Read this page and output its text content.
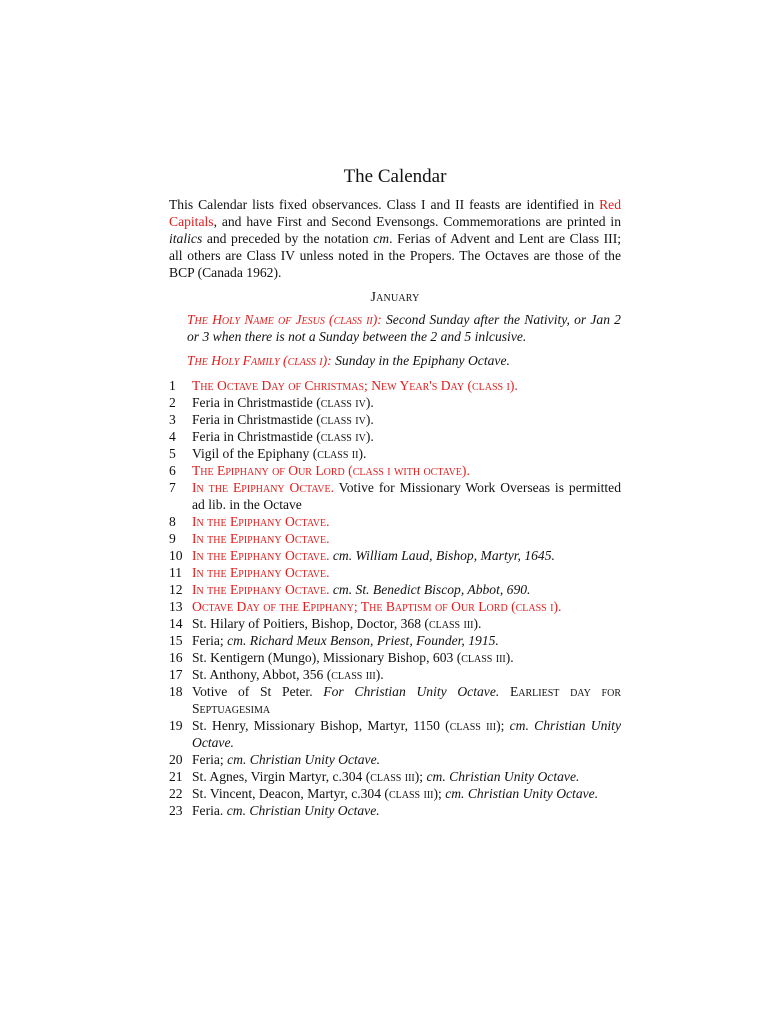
The Calendar
This Calendar lists fixed observances. Class I and II feasts are identified in Red Capitals, and have First and Second Evensongs. Commemorations are printed in italics and preceded by the notation cm. Ferias of Advent and Lent are Class III; all others are Class IV unless noted in the Propers. The Octaves are those of the BCP (Canada 1962).
January
The Holy Name of Jesus (class ii): Second Sunday after the Nativity, or Jan 2 or 3 when there is not a Sunday between the 2 and 5 inlcusive.
The Holy Family (class i): Sunday in the Epiphany Octave.
1	The Octave Day of Christmas; New Year's Day (class i).
2	Feria in Christmastide (class iv).
3	Feria in Christmastide (class iv).
4	Feria in Christmastide (class iv).
5	Vigil of the Epiphany (class ii).
6	The Epiphany of Our Lord (class i with octave).
7	In the Epiphany Octave. Votive for Missionary Work Overseas is permitted ad lib. in the Octave
8	In the Epiphany Octave.
9	In the Epiphany Octave.
10 In the Epiphany Octave. cm. William Laud, Bishop, Martyr, 1645.
11 In the Epiphany Octave.
12 In the Epiphany Octave. cm. St. Benedict Biscop, Abbot, 690.
13 Octave Day of the Epiphany; The Baptism of Our Lord (class i).
14 St. Hilary of Poitiers, Bishop, Doctor, 368 (class iii).
15 Feria; cm. Richard Meux Benson, Priest, Founder, 1915.
16 St. Kentigern (Mungo), Missionary Bishop, 603 (class iii).
17 St. Anthony, Abbot, 356 (class iii).
18 Votive of St Peter. For Christian Unity Octave. Earliest day for Septuagesima
19 St. Henry, Missionary Bishop, Martyr, 1150 (class iii); cm. Christian Unity Octave.
20 Feria; cm. Christian Unity Octave.
21 St. Agnes, Virgin Martyr, c.304 (class iii); cm. Christian Unity Octave.
22 St. Vincent, Deacon, Martyr, c.304 (class iii); cm. Christian Unity Octave.
23 Feria. cm. Christian Unity Octave.
